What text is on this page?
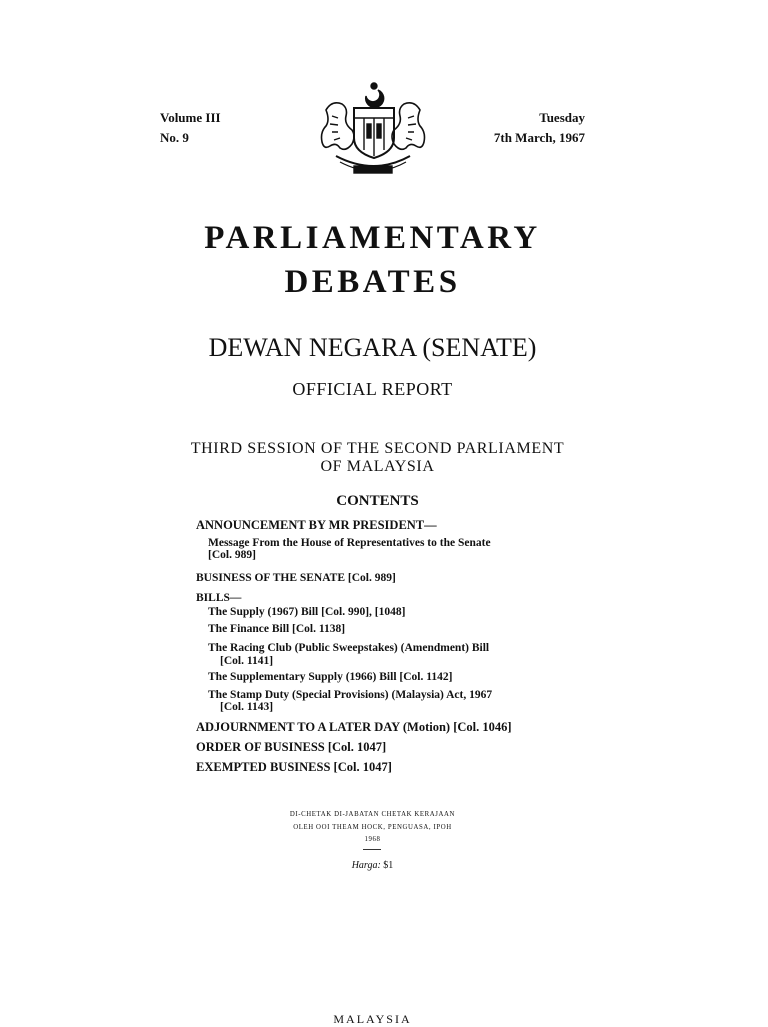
Volume III
No. 9
Tuesday
7th March, 1967
PARLIAMENTARY
DEBATES
DEWAN NEGARA (SENATE)
OFFICIAL REPORT
THIRD SESSION OF THE SECOND PARLIAMENT
OF MALAYSIA
CONTENTS
ANNOUNCEMENT BY MR PRESIDENT—
Message From the House of Representatives to the Senate
[Col. 989]
BUSINESS OF THE SENATE [Col. 989]
BILLS—
The Supply (1967) Bill [Col. 990], [1048]
The Finance Bill [Col. 1138]
The Racing Club (Public Sweepstakes) (Amendment) Bill
[Col. 1141]
The Supplementary Supply (1966) Bill [Col. 1142]
The Stamp Duty (Special Provisions) (Malaysia) Act, 1967
[Col. 1143]
ADJOURNMENT TO A LATER DAY (Motion) [Col. 1046]
ORDER OF BUSINESS [Col. 1047]
EXEMPTED BUSINESS [Col. 1047]
DI-CHETAK DI-JABATAN CHETAK KERAJAAN
OLEH OOI THEAM HOCK, PENGUASA, IPOH
1968
Harga: $1
MALAYSIA
